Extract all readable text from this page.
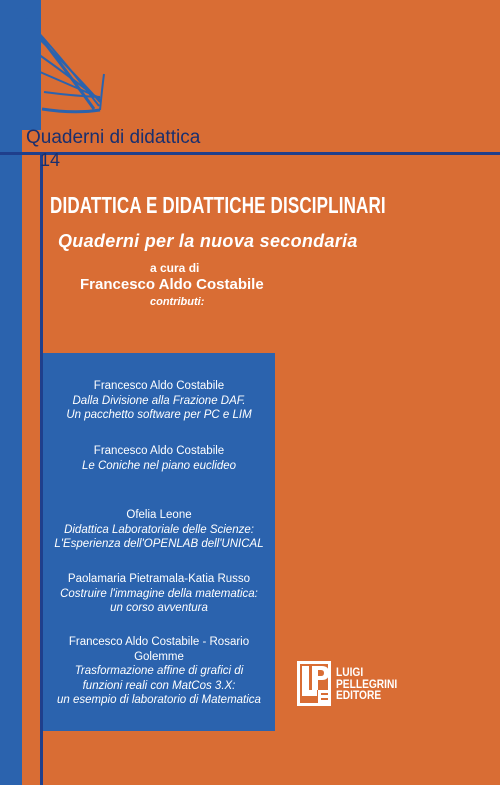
Quaderni di didattica
14
DIDATTICA E DIDATTICHE DISCIPLINARI
Quaderni per la nuova secondaria
a cura di
Francesco Aldo Costabile
contributi:
Francesco Aldo Costabile
Dalla Divisione alla Frazione DAF.
Un pacchetto software per PC e LIM
Francesco Aldo Costabile
Le Coniche nel piano euclideo
Ofelia Leone
Didattica Laboratoriale delle Scienze:
L'Esperienza dell'OPENLAB dell'UNICAL
Paolamaria Pietramala-Katia Russo
Costruire l'immagine della matematica:
un corso avventura
Francesco Aldo Costabile - Rosario Golemme
Trasformazione affine di grafici di
funzioni reali con MatCos 3.X:
un esempio di laboratorio di Matematica
LUIGI
PELLEGRINI
EDITORE
